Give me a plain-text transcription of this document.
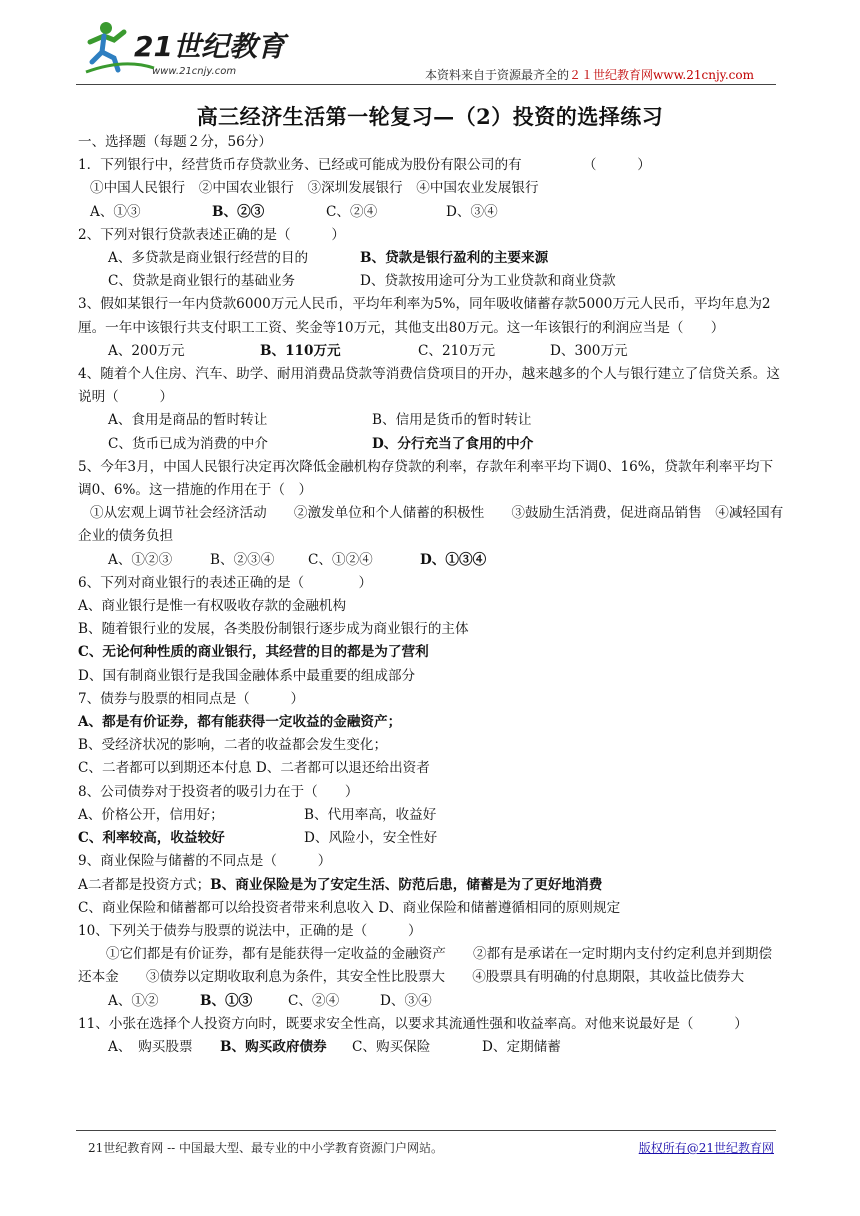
21世纪教育
www.21cnjy.com	本资料来自于资源最齐全的２１世纪教育网www.21cnjy.com
高三经济生活第一轮复习—（2）投资的选择练习
一、选择题（每题２分，56分）
1．下列银行中，经营货币存贷款业务、已经或可能成为股份有限公司的有　　　　　（　　　）
①中国人民银行　②中国农业银行　③深圳发展银行　④中国农业发展银行
A、①③	B、②③	C、②④	D、③④
2、下列对银行贷款表述正确的是（　　　）
A、多贷款是商业银行经营的目的	B、贷款是银行盈利的主要来源
C、贷款是商业银行的基础业务	D、贷款按用途可分为工业贷款和商业贷款
3、假如某银行一年内贷款6000万元人民币，平均年利率为5%，同年吸收储蓄存款5000万元人民币，平均年息为2厘。一年中该银行共支付职工工资、奖金等10万元，其他支出80万元。这一年该银行的利润应当是（　　）
A、200万元	B、110万元	C、210万元	D、300万元
4、随着个人住房、汽车、助学、耐用消费品贷款等消费信贷项目的开办，越来越多的个人与银行建立了信贷关系。这说明（　　　）
A、食用是商品的暂时转让	B、信用是货币的暂时转让
C、货币已成为消费的中介	D、分行充当了食用的中介
5、今年3月，中国人民银行决定再次降低金融机构存贷款的利率，存款年利率平均下调0、16%，贷款年利率平均下调0、6%。这一措施的作用在于（　）
①从宏观上调节社会经济活动　　②激发单位和个人储蓄的积极性　　③鼓励生活消费，促进商品销售　④减轻国有企业的债务负担
A、①②③	B、②③④ C、①②④	D、①③④
6、下列对商业银行的表述正确的是（　　　　）
A、商业银行是惟一有权吸收存款的金融机构
B、随着银行业的发展，各类股份制银行逐步成为商业银行的主体
C、无论何种性质的商业银行，其经营的目的都是为了营利
D、国有制商业银行是我国金融体系中最重要的组成部分
7、债券与股票的相同点是（　　　）
A、都是有价证券，都有能获得一定收益的金融资产；
B、受经济状况的影响，二者的收益都会发生变化；
C、二者都可以到期还本付息 D、二者都可以退还给出资者
8、公司债券对于投资者的吸引力在于（　　）
A、价格公开，信用好；	B、代用率高，收益好
C、利率较高，收益较好	D、风险小，安全性好
9、商业保险与储蓄的不同点是（　　　）
A二者都是投资方式；B、商业保险是为了安定生活、防范后患，储蓄是为了更好地消费
C、商业保险和储蓄都可以给投资者带来利息收入 D、商业保险和储蓄遵循相同的原则规定
10、下列关于债券与股票的说法中，正确的是（　　　）
①它们都是有价证券，都有是能获得一定收益的金融资产　　②都有是承诺在一定时期内支付约定利息并到期偿还本金　　③债券以定期收取利息为条件，其安全性比股票大　　④股票具有明确的付息期限，其收益比债券大
A、①②	B、①③	C、②④	D、③④
11、小张在选择个人投资方向时，既要求安全性高，以要求其流通性强和收益率高。对他来说最好是（　　　）
A、　购买股票 B、购买政府债券 C、购买保险	D、定期储蓄
21世纪教育网 -- 中国最大型、最专业的中小学教育资源门户网站。	版权所有@21世纪教育网
